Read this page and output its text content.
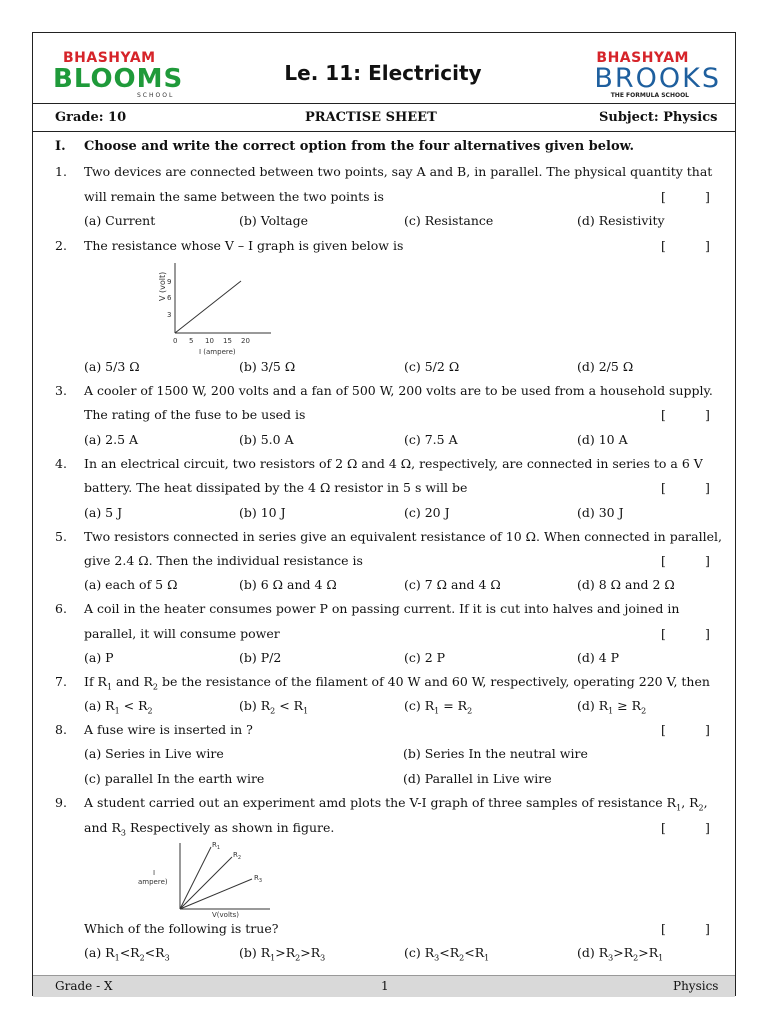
BHASHYAM
BLOOMS
SCHOOL
Le. 11: Electricity
BHASHYAM
BROOKS
THE FORMULA SCHOOL
Grade: 10	PRACTISE SHEET	Subject: Physics
I. Choose and write the correct option from the four alternatives given below.
1. Two devices are connected between two points, say A and B, in parallel. The physical quantity that
will remain the same between the two points is	[	]
(a) Current	(b) Voltage	(c) Resistance	(d) Resistivity
2. The resistance whose V – I graph is given below is	[	]
V (volt) 9
6
3
0 5 10 15 20
I (ampere)
(a) 5/3 Ω	(b) 3/5 Ω	(c) 5/2 Ω	(d) 2/5 Ω
3. A cooler of 1500 W, 200 volts and a fan of 500 W, 200 volts are to be used from a household supply.
The rating of the fuse to be used is	[	]
(a) 2.5 A	(b) 5.0 A	(c) 7.5 A	(d) 10 A
4. In an electrical circuit, two resistors of 2 Ω and 4 Ω, respectively, are connected in series to a 6 V
battery. The heat dissipated by the 4 Ω resistor in 5 s will be	[	]
(a) 5 J	(b) 10 J	(c) 20 J	(d) 30 J
5. Two resistors connected in series give an equivalent resistance of 10 Ω. When connected in parallel,
give 2.4 Ω. Then the individual resistance is	[	]
(a) each of 5 Ω	(b) 6 Ω and 4 Ω	(c) 7 Ω and 4 Ω	(d) 8 Ω and 2 Ω
6. A coil in the heater consumes power P on passing current. If it is cut into halves and joined in
parallel, it will consume power	[	]
(a) P	(b) P/2	(c) 2 P	(d) 4 P
7. If $R_1$ and $R_2$ be the resistance of the filament of 40 W and 60 W, respectively, operating 220 V, then
(a) $R_1 < R_2$	(b) $R_2 < R_1$	(c) $R_1 = R_2$	(d) $R_1 \ge R_2$
8. A fuse wire is inserted in ?	[	]
(a) Series in Live wire	(b) Series In the neutral wire
(c) parallel In the earth wire	(d) Parallel in Live wire
9. A student carried out an experiment amd plots the V-I graph of three samples of resistance $R_1$, $R_2$,
and $R_3$ Respectively as shown in figure.	[	]
I
ampere)
$R_1$
$R_2$
$R_3$
V(volts)
Which of the following is true?	[	]
(a) $R_1<R_2<R_3$	(b) $R_1>R_2>R_3$	(c) $R_3<R_2<R_1$	(d) $R_3>R_2>R_1$
Grade - X	1	Physics
